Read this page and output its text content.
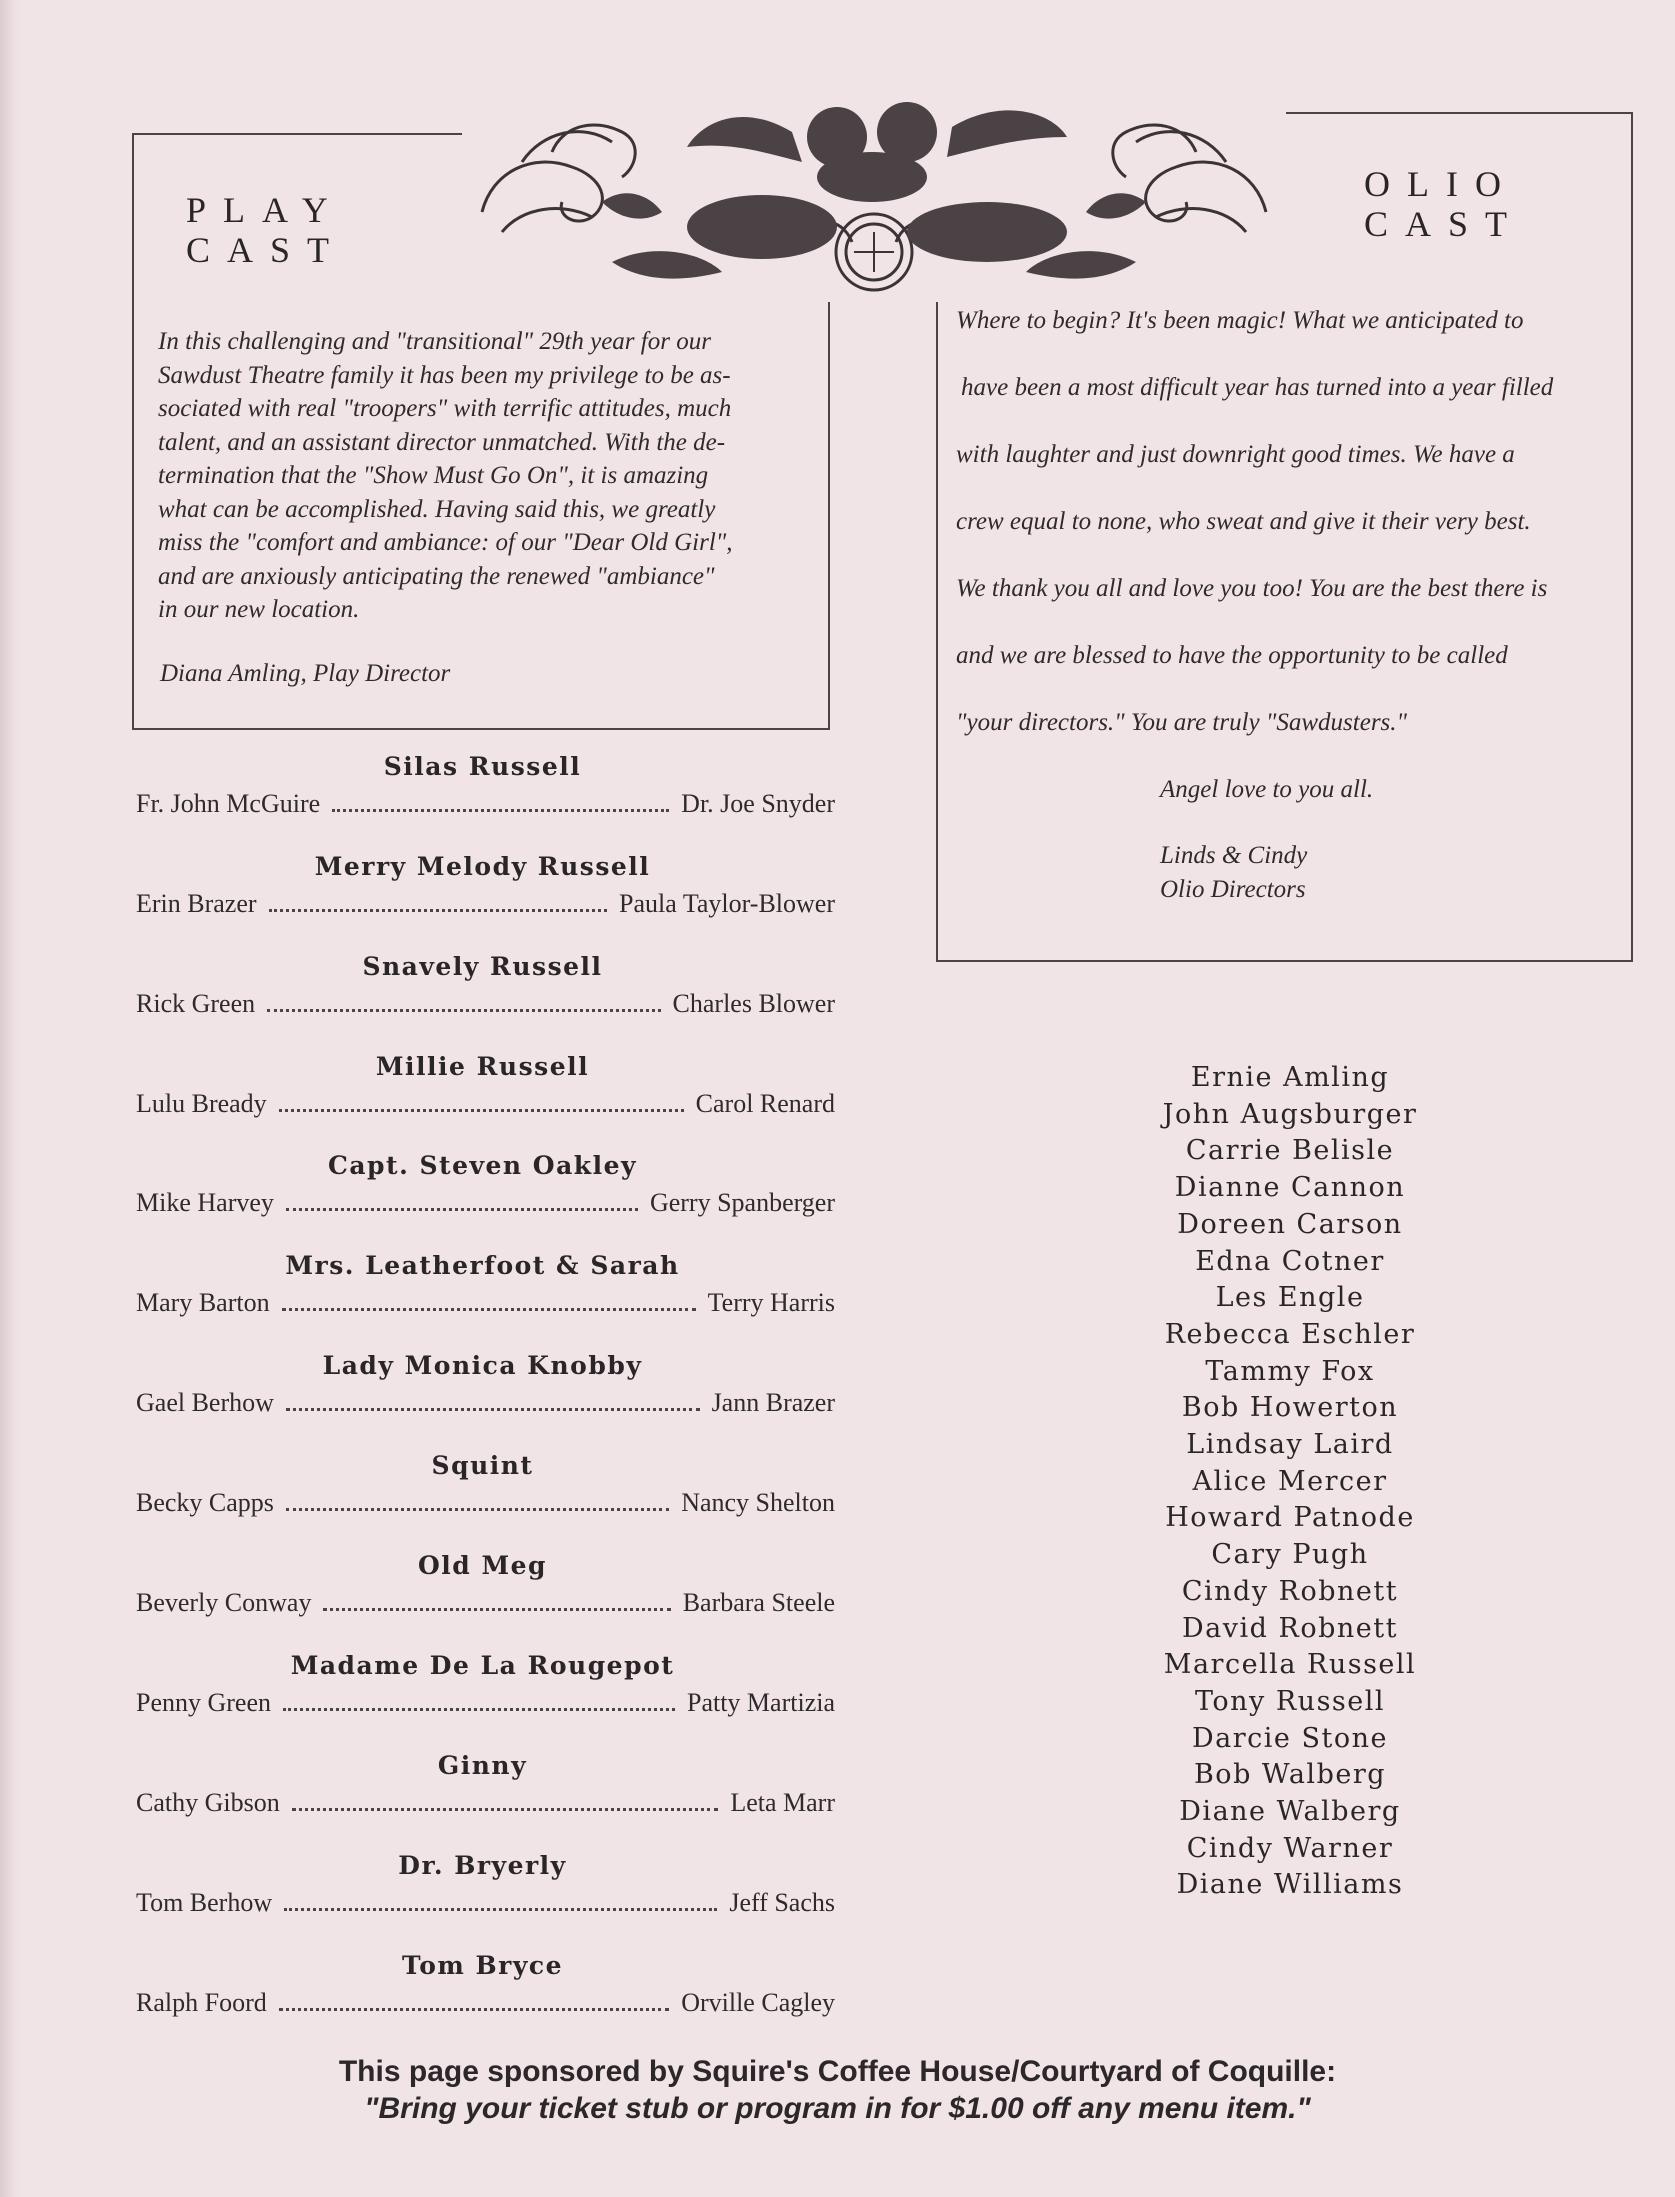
PLAY
CAST
OLIO
CAST
In this challenging and "transitional" 29th year for our
Sawdust Theatre family it has been my privilege to be as-
sociated with real "troopers" with terrific attitudes, much
talent, and an assistant director unmatched. With the de-
termination that the "Show Must Go On", it is amazing
what can be accomplished. Having said this, we greatly
miss the "comfort and ambiance: of our "Dear Old Girl",
and are anxiously anticipating the renewed "ambiance"
in our new location.
Diana Amling, Play Director
Where to begin? It's been magic! What we anticipated to
have been a most difficult year has turned into a year filled
with laughter and just downright good times. We have a
crew equal to none, who sweat and give it their very best.
We thank you all and love you too! You are the best there is
and we are blessed to have the opportunity to be called
"your directors." You are truly "Sawdusters."
Angel love to you all.
Linds & Cindy
Olio Directors
Silas Russell
Fr. John McGuire	Dr. Joe Snyder
Merry Melody Russell
Erin Brazer	Paula Taylor-Blower
Snavely Russell
Rick Green	Charles Blower
Millie Russell
Lulu Bready	Carol Renard
Capt. Steven Oakley
Mike Harvey	Gerry Spanberger
Mrs. Leatherfoot & Sarah
Mary Barton	Terry Harris
Lady Monica Knobby
Gael Berhow	Jann Brazer
Squint
Becky Capps	Nancy Shelton
Old Meg
Beverly Conway	Barbara Steele
Madame De La Rougepot
Penny Green	Patty Martizia
Ginny
Cathy Gibson	Leta Marr
Dr. Bryerly
Tom Berhow	Jeff Sachs
Tom Bryce
Ralph Foord	Orville Cagley
Ernie Amling
John Augsburger
Carrie Belisle
Dianne Cannon
Doreen Carson
Edna Cotner
Les Engle
Rebecca Eschler
Tammy Fox
Bob Howerton
Lindsay Laird
Alice Mercer
Howard Patnode
Cary Pugh
Cindy Robnett
David Robnett
Marcella Russell
Tony Russell
Darcie Stone
Bob Walberg
Diane Walberg
Cindy Warner
Diane Williams
This page sponsored by Squire's Coffee House/Courtyard of Coquille:
"Bring your ticket stub or program in for $1.00 off any menu item."
